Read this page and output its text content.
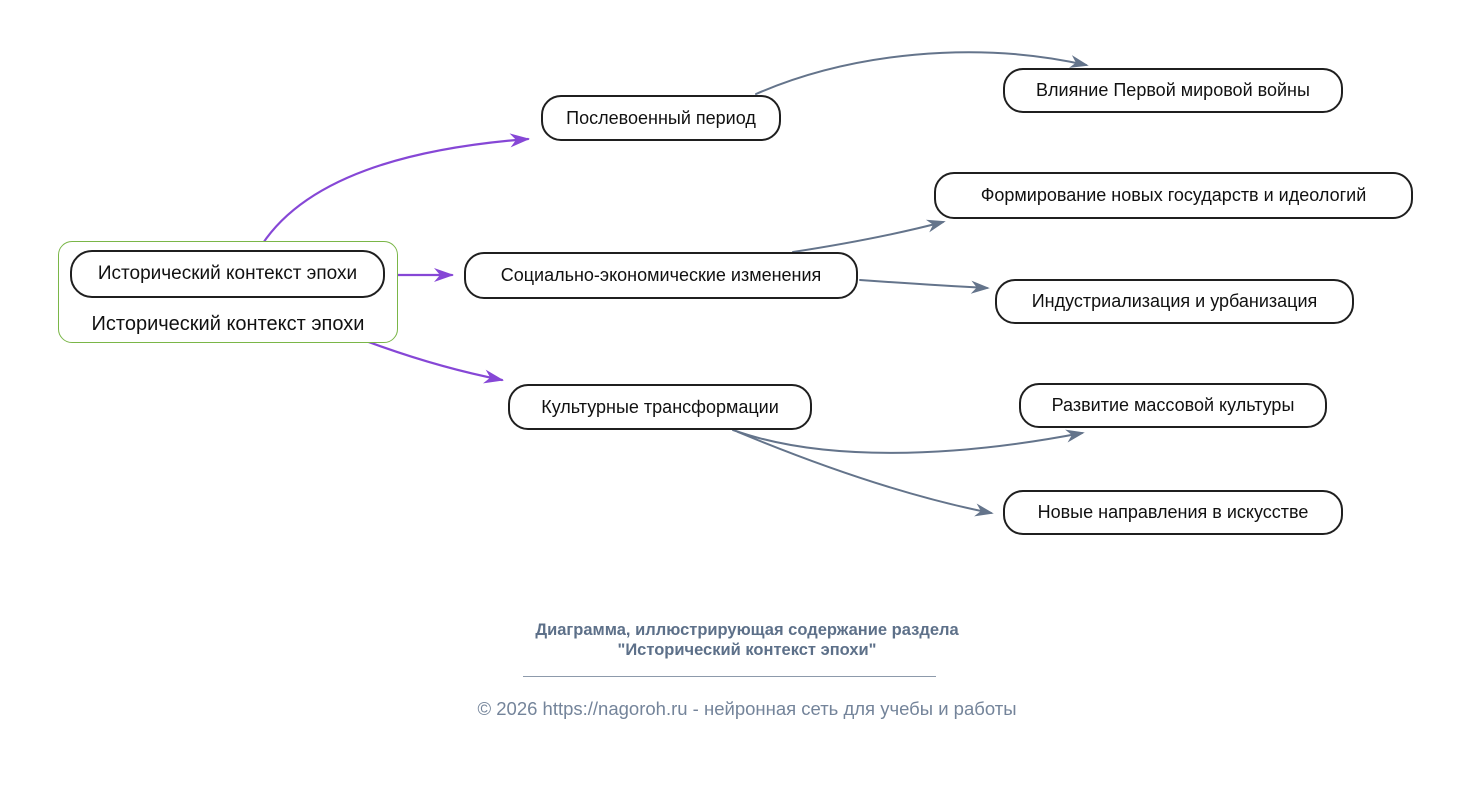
Исторический контекст эпохи
Исторический контекст эпохи
Послевоенный период
Социально-экономические изменения
Культурные трансформации
Влияние Первой мировой войны
Формирование новых государств и идеологий
Индустриализация и урбанизация
Развитие массовой культуры
Новые направления в искусстве
Диаграмма, иллюстрирующая содержание раздела
"Исторический контекст эпохи"
© 2026 https://nagoroh.ru - нейронная сеть для учебы и работы
